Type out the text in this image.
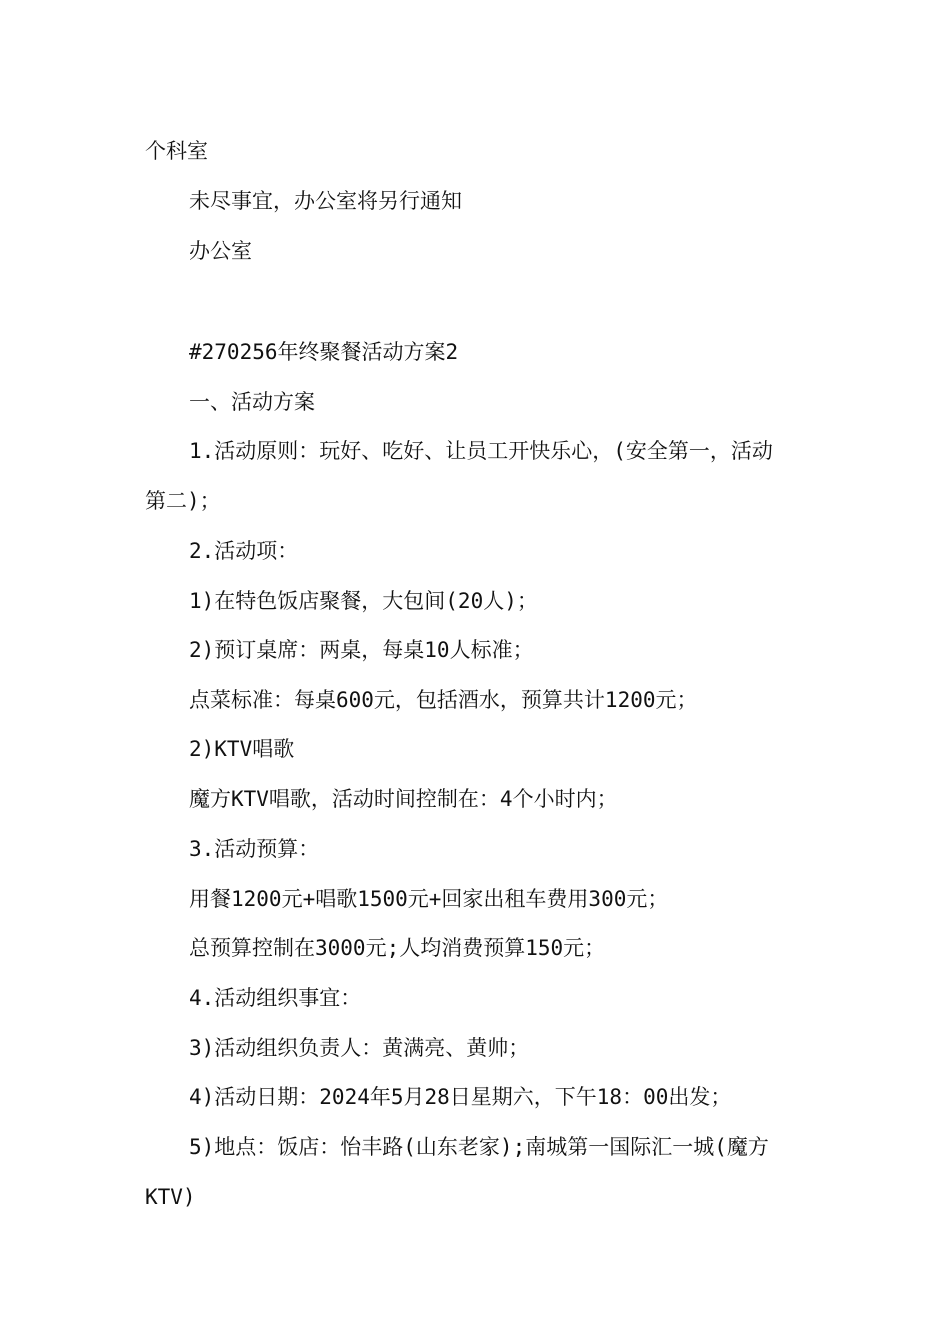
个科室

未尽事宜，办公室将另行通知

办公室

#270256年终聚餐活动方案2

一、活动方案

1.活动原则：玩好、吃好、让员工开快乐心，(安全第一，活动

第二)；

2.活动项：

1)在特色饭店聚餐，大包间(20人)；

2)预订桌席：两桌，每桌10人标准；

点菜标准：每桌600元，包括酒水，预算共计1200元；

2)KTV唱歌

魔方KTV唱歌，活动时间控制在：4个小时内；

3.活动预算：

用餐1200元+唱歌1500元+回家出租车费用300元；

总预算控制在3000元;人均消费预算150元；

4.活动组织事宜：

3)活动组织负责人：黄满亮、黄帅；

4)活动日期：2024年5月28日星期六，下午18：00出发；

5)地点：饭店：怡丰路(山东老家);南城第一国际汇一城(魔方

KTV)
